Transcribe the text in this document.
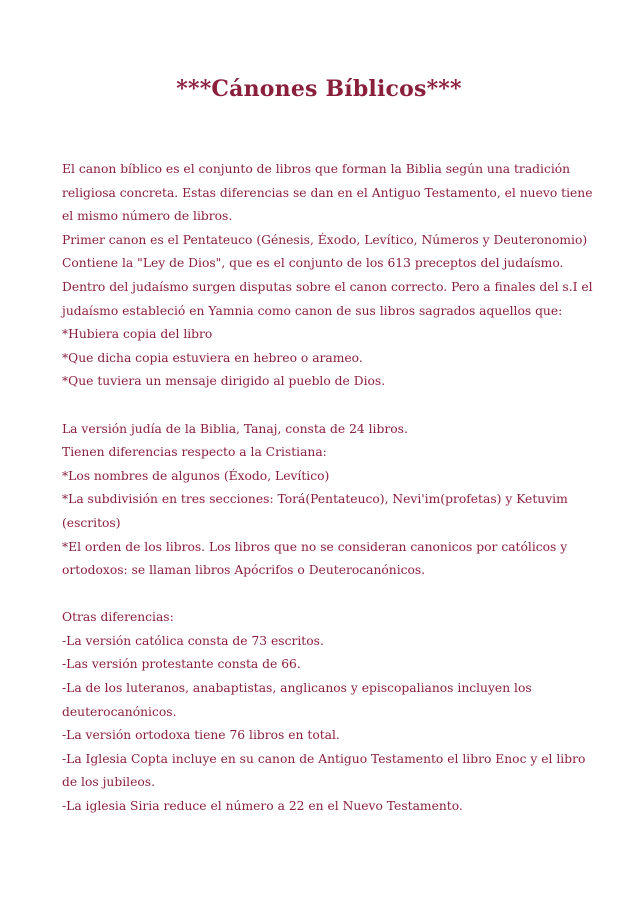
***Cánones Bíblicos***
El canon bíblico es el conjunto de libros que forman la Biblia según una tradición
religiosa concreta. Estas diferencias se dan en el Antiguo Testamento, el nuevo tiene
el mismo número de libros.
Primer canon es el Pentateuco (Génesis, Éxodo, Levítico, Números y Deuteronomio)
Contiene la "Ley de Dios", que es el conjunto de los 613 preceptos del judaísmo.
Dentro del judaísmo surgen disputas sobre el canon correcto. Pero a finales del s.I el
judaísmo estableció en Yamnia como canon de sus libros sagrados aquellos que:
*Hubiera copia del libro
*Que dicha copia estuviera en hebreo o arameo.
*Que tuviera un mensaje dirigido al pueblo de Dios.
La versión judía de la Biblia, Tanaj, consta de 24 libros.
Tienen diferencias respecto a la Cristiana:
*Los nombres de algunos (Éxodo, Levítico)
*La subdivisión en tres secciones: Torá(Pentateuco), Nevi'im(profetas) y Ketuvim
(escritos)
*El orden de los libros. Los libros que no se consideran canonicos por católicos y
ortodoxos: se llaman libros Apócrifos o Deuterocanónicos.
Otras diferencias:
-La versión católica consta de 73 escritos.
-Las versión protestante consta de 66.
-La de los luteranos, anabaptistas, anglicanos y episcopalianos incluyen los
deuterocanónicos.
-La versión ortodoxa tiene 76 libros en total.
-La Iglesia Copta incluye en su canon de Antiguo Testamento el libro Enoc y el libro
de los jubileos.
-La iglesia Siria reduce el número a 22 en el Nuevo Testamento.
